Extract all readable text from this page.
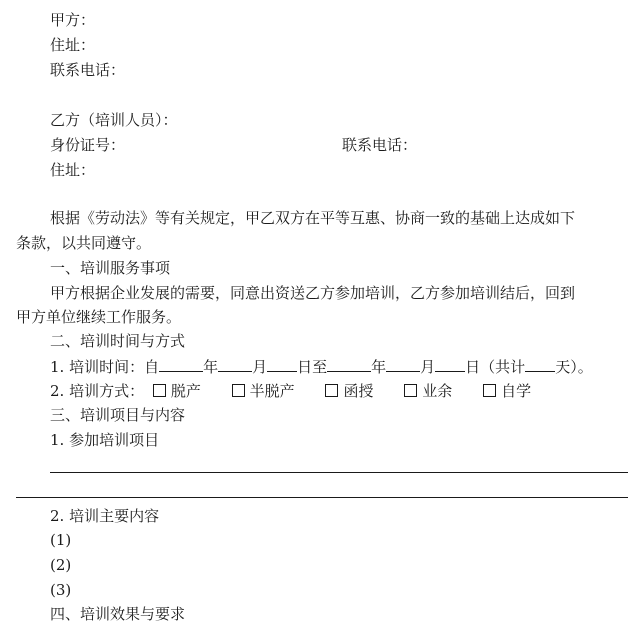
甲方：
住址：
联系电话：
乙方（培训人员）：
身份证号：	联系电话：
住址：
根据《劳动法》等有关规定，甲乙双方在平等互惠、协商一致的基础上达成如下
条款，以共同遵守。
一、培训服务事项
甲方根据企业发展的需要，同意出资送乙方参加培训，乙方参加培训结后，回到
甲方单位继续工作服务。
二、培训时间与方式
1. 培训时间：自	年 月 日至	年 月 日（共计 天）。
2. 培训方式： 脱产	半脱产	函授	业余	自学
三、培训项目与内容
1. 参加培训项目
2. 培训主要内容
(1)
(2)
(3)
四、培训效果与要求
